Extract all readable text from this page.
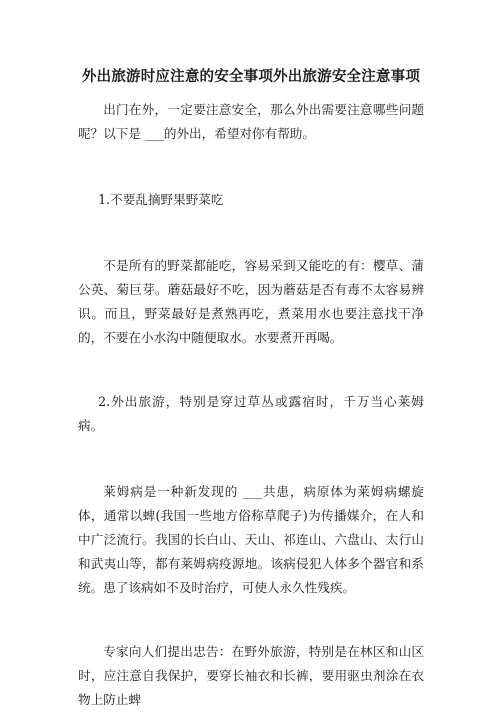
外出旅游时应注意的安全事项外出旅游安全注意事项

出门在外，一定要注意安全，那么外出需要注意哪些问题呢？以下是 ___的外出，希望对你有帮助。

1.不要乱摘野果野菜吃

不是所有的野菜都能吃，容易采到又能吃的有：樱草、蒲公英、菊巨芽。蘑菇最好不吃，因为蘑菇是否有毒不太容易辨识。而且，野菜最好是煮熟再吃，煮菜用水也要注意找干净的，不要在小水沟中随便取水。水要煮开再喝。

2.外出旅游，特别是穿过草丛或露宿时，千万当心莱姆病。

莱姆病是一种新发现的 ___共患，病原体为莱姆病螺旋体，通常以蜱(我国一些地方俗称草爬子)为传播媒介，在人和中广泛流行。我国的长白山、天山、祁连山、六盘山、太行山和武夷山等，都有莱姆病疫源地。该病侵犯人体多个器官和系统。患了该病如不及时治疗，可使人永久性残疾。

专家向人们提出忠告：在野外旅游，特别是在林区和山区时，应注意自我保护，要穿长袖衣和长裤，要用驱虫剂涂在衣物上防止蜱
